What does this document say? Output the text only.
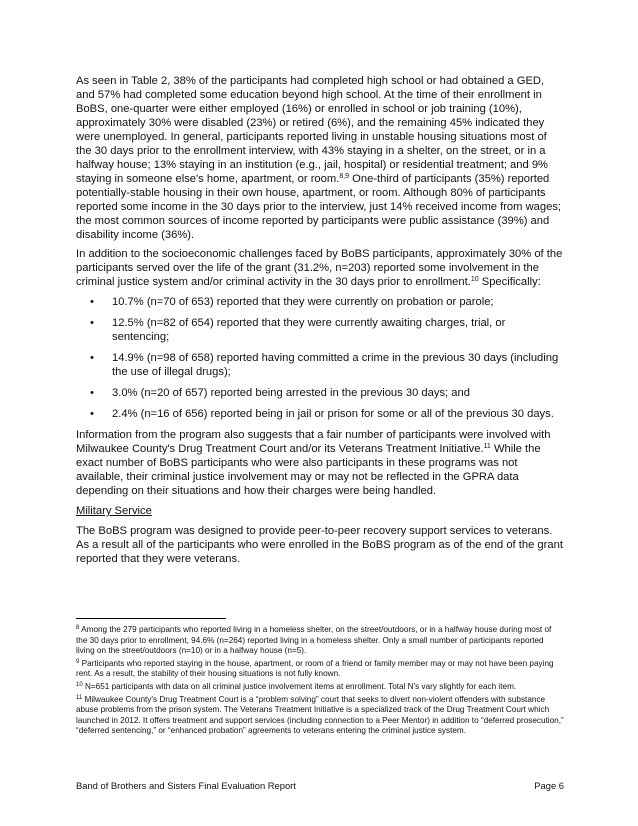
As seen in Table 2, 38% of the participants had completed high school or had obtained a GED, and 57% had completed some education beyond high school. At the time of their enrollment in BoBS, one-quarter were either employed (16%) or enrolled in school or job training (10%), approximately 30% were disabled (23%) or retired (6%), and the remaining 45% indicated they were unemployed. In general, participants reported living in unstable housing situations most of the 30 days prior to the enrollment interview, with 43% staying in a shelter, on the street, or in a halfway house; 13% staying in an institution (e.g., jail, hospital) or residential treatment; and 9% staying in someone else's home, apartment, or room.$^{8,9}$ One-third of participants (35%) reported potentially-stable housing in their own house, apartment, or room. Although 80% of participants reported some income in the 30 days prior to the interview, just 14% received income from wages; the most common sources of income reported by participants were public assistance (39%) and disability income (36%).

In addition to the socioeconomic challenges faced by BoBS participants, approximately 30% of the participants served over the life of the grant (31.2%, n=203) reported some involvement in the criminal justice system and/or criminal activity in the 30 days prior to enrollment.$^{10}$ Specifically:

• 10.7% (n=70 of 653) reported that they were currently on probation or parole;
• 12.5% (n=82 of 654) reported that they were currently awaiting charges, trial, or sentencing;
• 14.9% (n=98 of 658) reported having committed a crime in the previous 30 days (including the use of illegal drugs);
• 3.0% (n=20 of 657) reported being arrested in the previous 30 days; and
• 2.4% (n=16 of 656) reported being in jail or prison for some or all of the previous 30 days.

Information from the program also suggests that a fair number of participants were involved with Milwaukee County's Drug Treatment Court and/or its Veterans Treatment Initiative.$^{11}$ While the exact number of BoBS participants who were also participants in these programs was not available, their criminal justice involvement may or may not be reflected in the GPRA data depending on their situations and how their charges were being handled.

Military Service

The BoBS program was designed to provide peer-to-peer recovery support services to veterans. As a result all of the participants who were enrolled in the BoBS program as of the end of the grant reported that they were veterans.

$^8$ Among the 279 participants who reported living in a homeless shelter, on the street/outdoors, or in a halfway house during most of the 30 days prior to enrollment, 94.6% (n=264) reported living in a homeless shelter. Only a small number of participants reported living on the street/outdoors (n=10) or in a halfway house (n=5).

$^9$ Participants who reported staying in the house, apartment, or room of a friend or family member may or may not have been paying rent. As a result, the stability of their housing situations is not fully known.

$^{10}$ N=651 participants with data on all criminal justice involvement items at enrollment. Total N's vary slightly for each item.

$^{11}$ Milwaukee County's Drug Treatment Court is a “problem solving” court that seeks to divert non-violent offenders with substance abuse problems from the prison system. The Veterans Treatment Initiative is a specialized track of the Drug Treatment Court which launched in 2012. It offers treatment and support services (including connection to a Peer Mentor) in addition to “deferred prosecution,” “deferred sentencing,” or “enhanced probation” agreements to veterans entering the criminal justice system.

Band of Brothers and Sisters Final Evaluation Report	Page 6
